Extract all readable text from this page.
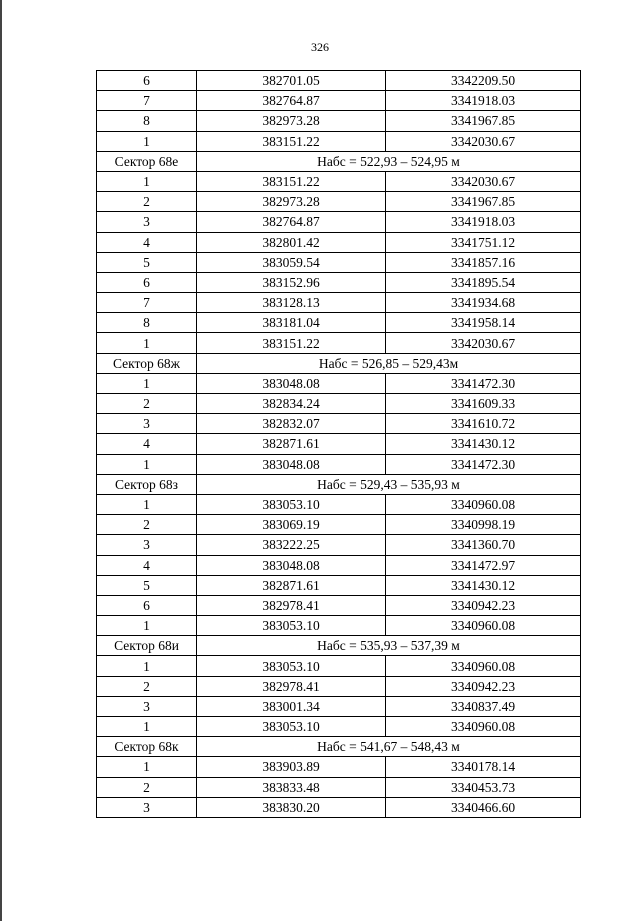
326
6	382701.05	3342209.50
7	382764.87	3341918.03
8	382973.28	3341967.85
1	383151.22	3342030.67
Сектор 68е	Набс = 522,93 – 524,95 м	
1	383151.22	3342030.67
2	382973.28	3341967.85
3	382764.87	3341918.03
4	382801.42	3341751.12
5	383059.54	3341857.16
6	383152.96	3341895.54
7	383128.13	3341934.68
8	383181.04	3341958.14
1	383151.22	3342030.67
Сектор 68ж	Набс = 526,85 – 529,43м	
1	383048.08	3341472.30
2	382834.24	3341609.33
3	382832.07	3341610.72
4	382871.61	3341430.12
1	383048.08	3341472.30
Сектор 68з	Набс = 529,43 – 535,93 м	
1	383053.10	3340960.08
2	383069.19	3340998.19
3	383222.25	3341360.70
4	383048.08	3341472.97
5	382871.61	3341430.12
6	382978.41	3340942.23
1	383053.10	3340960.08
Сектор 68и	Набс = 535,93 – 537,39 м	
1	383053.10	3340960.08
2	382978.41	3340942.23
3	383001.34	3340837.49
1	383053.10	3340960.08
Сектор 68к	Набс = 541,67 – 548,43 м	
1	383903.89	3340178.14
2	383833.48	3340453.73
3	383830.20	3340466.60
